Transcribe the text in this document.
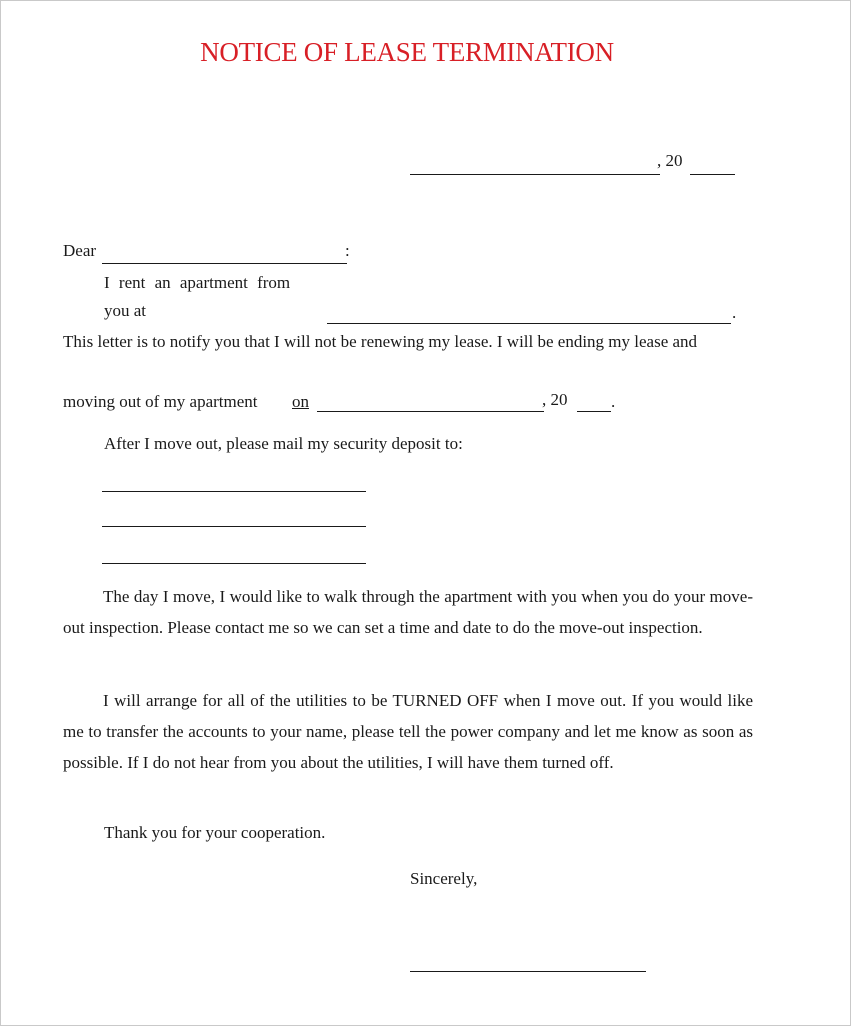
NOTICE OF LEASE TERMINATION
, 20
Dear	:
I rent an apartment from
you at	.
This letter is to notify you that I will not be renewing my lease. I will be ending my lease and
moving out of my apartment on	, 20	.
After I move out, please mail my security deposit to:
The day I move, I would like to walk through the apartment with you when you do your move-out inspection. Please contact me so we can set a time and date to do the move-out inspection.
I will arrange for all of the utilities to be TURNED OFF when I move out. If you would like me to transfer the accounts to your name, please tell the power company and let me know as soon as possible. If I do not hear from you about the utilities, I will have them turned off.
Thank you for your cooperation.
Sincerely,
